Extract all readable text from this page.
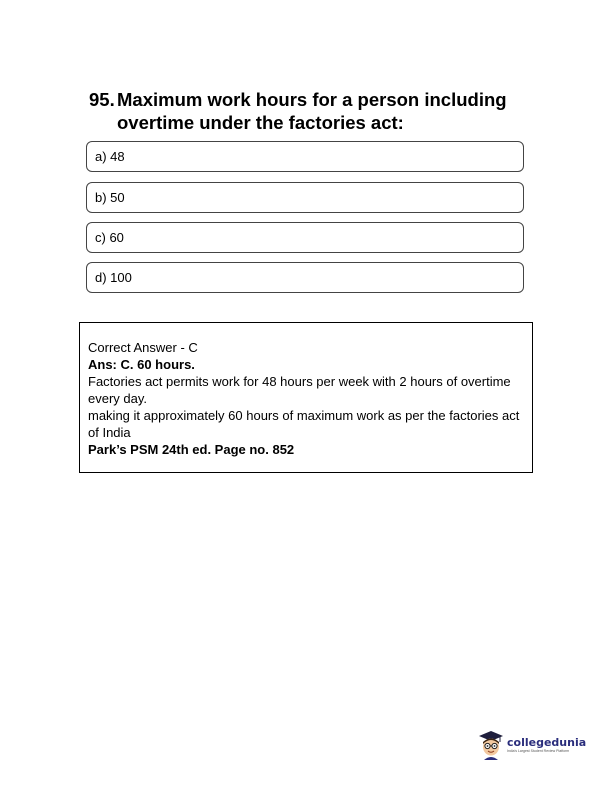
95. Maximum work hours for a person including overtime under the factories act:
a) 48
b) 50
c) 60
d) 100
Correct Answer - C
Ans: C. 60 hours.
Factories act permits work for 48 hours per week with 2 hours of overtime every day.
making it approximately 60 hours of maximum work as per the factories act of India
Park’s PSM 24th ed. Page no. 852
collegedunia
India's Largest Student Review Platform
